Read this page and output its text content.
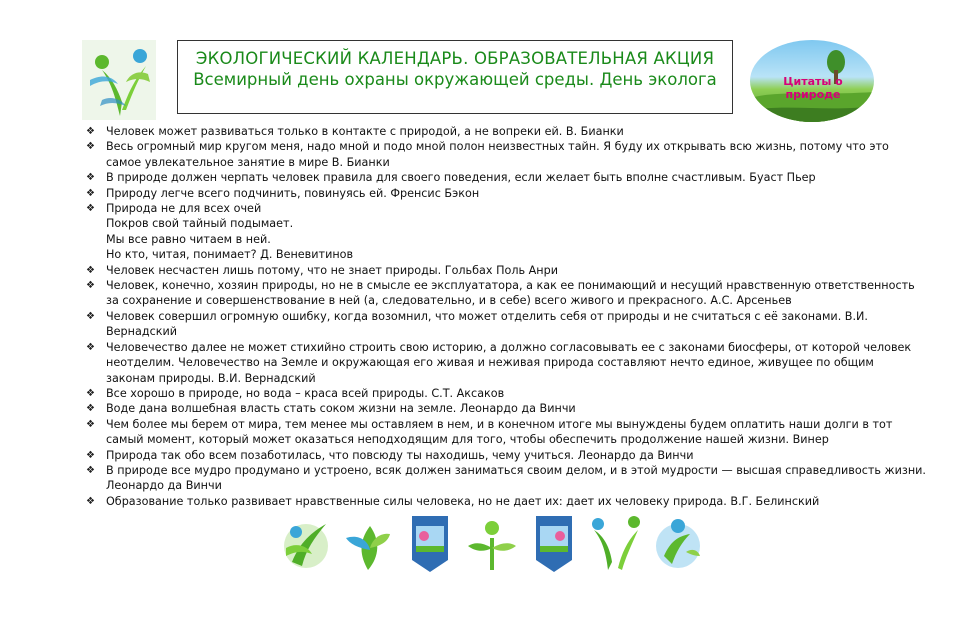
ЭКОЛОГИЧЕСКИЙ КАЛЕНДАРЬ. ОБРАЗОВАТЕЛЬНАЯ АКЦИЯ
Всемирный день охраны окружающей среды. День эколога	Цитаты о природе
❖ Человек может развиваться только в контакте с природой, а не вопреки ей. В. Бианки
❖ Весь огромный мир кругом меня, надо мной и подо мной полон неизвестных тайн. Я буду их открывать всю жизнь, потому что это самое увлекательное занятие в мире В. Бианки
❖ В природе должен черпать человек правила для своего поведения, если желает быть вполне счастливым. Буаст Пьер
❖ Природу легче всего подчинить, повинуясь ей. Френсис Бэкон
❖ Природа не для всех очей
Покров свой тайный подымает.
Мы все равно читаем в ней.
Но кто, читая, понимает? Д. Веневитинов
❖ Человек несчастен лишь потому, что не знает природы. Гольбах Поль Анри
❖ Человек, конечно, хозяин природы, но не в смысле ее эксплуататора, а как ее понимающий и несущий нравственную ответственность за сохранение и совершенствование в ней (а, следовательно, и в себе) всего живого и прекрасного. А.С. Арсеньев
❖ Человек совершил огромную ошибку, когда возомнил, что может отделить себя от природы и не считаться с её законами. В.И. Вернадский
❖ Человечество далее не может стихийно строить свою историю, а должно согласовывать ее с законами биосферы, от которой человек неотделим. Человечество на Земле и окружающая его живая и неживая природа составляют нечто единое, живущее по общим законам природы. В.И. Вернадский
❖ Все хорошо в природе, но вода – краса всей природы. С.Т. Аксаков
❖ Воде дана волшебная власть стать соком жизни на земле. Леонардо да Винчи
❖ Чем более мы берем от мира, тем менее мы оставляем в нем, и в конечном итоге мы вынуждены будем оплатить наши долги в тот самый момент, который может оказаться неподходящим для того, чтобы обеспечить продолжение нашей жизни. Винер
❖ Природа так обо всем позаботилась, что повсюду ты находишь, чему учиться. Леонардо да Винчи
❖ В природе все мудро продумано и устроено, всяк должен заниматься своим делом, и в этой мудрости — высшая справедливость жизни. Леонардо да Винчи
❖ Образование только развивает нравственные силы человека, но не дает их: дает их человеку природа. В.Г. Белинский
